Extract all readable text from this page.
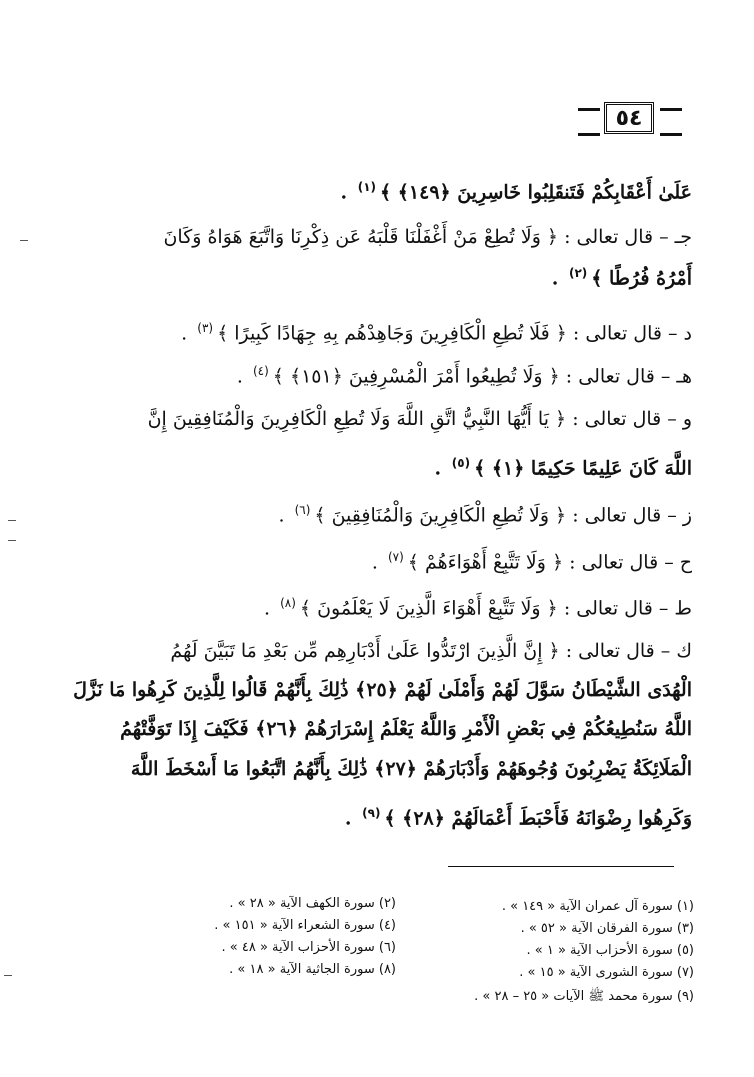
٥٤
عَلَىٰ أَعْقَابِكُمْ فَتَنقَلِبُوا خَاسِرِينَ ﴿١٤٩﴾ ﴾$^{(١)}$ .
جـ – قال تعالى : ﴿ وَلَا تُطِعْ مَنْ أَغْفَلْنَا قَلْبَهُ عَن ذِكْرِنَا وَاتَّبَعَ هَوَاهُ وَكَانَ
أَمْرُهُ فُرُطًا ﴾$^{(٢)}$ .
د – قال تعالى : ﴿ فَلَا تُطِعِ الْكَافِرِينَ وَجَاهِدْهُم بِهِ جِهَادًا كَبِيرًا ﴾$^{(٣)}$ .
هـ – قال تعالى : ﴿ وَلَا تُطِيعُوا أَمْرَ الْمُسْرِفِينَ ﴿١٥١﴾ ﴾$^{(٤)}$ .
و – قال تعالى : ﴿ يَا أَيُّهَا النَّبِيُّ اتَّقِ اللَّهَ وَلَا تُطِعِ الْكَافِرِينَ وَالْمُنَافِقِينَ إِنَّ
اللَّهَ كَانَ عَلِيمًا حَكِيمًا ﴿١﴾ ﴾$^{(٥)}$ .
ز – قال تعالى : ﴿ وَلَا تُطِعِ الْكَافِرِينَ وَالْمُنَافِقِينَ ﴾$^{(٦)}$ .
ح – قال تعالى : ﴿ وَلَا تَتَّبِعْ أَهْوَاءَهُمْ ﴾$^{(٧)}$ .
ط – قال تعالى : ﴿ وَلَا تَتَّبِعْ أَهْوَاءَ الَّذِينَ لَا يَعْلَمُونَ ﴾$^{(٨)}$ .
ك – قال تعالى : ﴿ إِنَّ الَّذِينَ ارْتَدُّوا عَلَىٰ أَدْبَارِهِم مِّن بَعْدِ مَا تَبَيَّنَ لَهُمُ
الْهُدَى الشَّيْطَانُ سَوَّلَ لَهُمْ وَأَمْلَىٰ لَهُمْ ﴿٢٥﴾ ذَٰلِكَ بِأَنَّهُمْ قَالُوا لِلَّذِينَ كَرِهُوا مَا نَزَّلَ
اللَّهُ سَنُطِيعُكُمْ فِي بَعْضِ الْأَمْرِ وَاللَّهُ يَعْلَمُ إِسْرَارَهُمْ ﴿٢٦﴾ فَكَيْفَ إِذَا تَوَفَّتْهُمُ
الْمَلَائِكَةُ يَضْرِبُونَ وُجُوهَهُمْ وَأَدْبَارَهُمْ ﴿٢٧﴾ ذَٰلِكَ بِأَنَّهُمُ اتَّبَعُوا مَا أَسْخَطَ اللَّهَ
وَكَرِهُوا رِضْوَانَهُ فَأَحْبَطَ أَعْمَالَهُمْ ﴿٢٨﴾ ﴾$^{(٩)}$ .
(١) سورة آل عمران الآية « ١٤٩ » .
(٣) سورة الفرقان الآية « ٥٢ » .
(٥) سورة الأحزاب الآية « ١ » .
(٧) سورة الشورى الآية « ١٥ » .
(٩) سورة محمد ﷺ الآيات « ٢٥ – ٢٨ » .
(٢) سورة الكهف الآية « ٢٨ » .
(٤) سورة الشعراء الآية « ١٥١ » .
(٦) سورة الأحزاب الآية « ٤٨ » .
(٨) سورة الجاثية الآية « ١٨ » .
